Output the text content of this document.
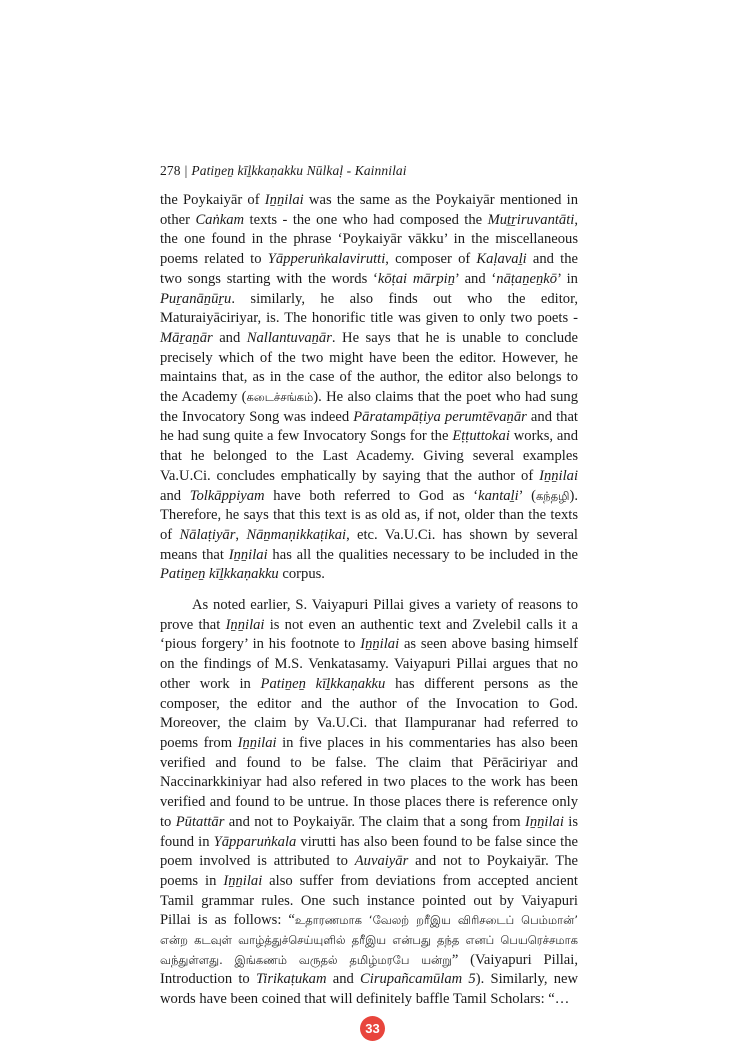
278 | Patiṉeṉ kīḻkkaṇakku Nūlkaḷ - Kainnilai

the Poykaiyār of Iṉṉilai was the same as the Poykaiyār mentioned in other Caṅkam texts - the one who had composed the Muṯṟiruvantāti, the one found in the phrase ‘Poykaiyār vākku’ in the miscellaneous poems related to Yāpperuṅkalavirutti, composer of Kaḷavaḻi and the two songs starting with the words ‘kōṭai mārpiṉ’ and ‘nāṭaṉeṉkō’ in Puṟanāṉūṟu. similarly, he also finds out who the editor, Maturaiyāciriyar, is. The honorific title was given to only two poets - Māṟaṉār and Nallantuvaṉār. He says that he is unable to conclude precisely which of the two might have been the editor. However, he maintains that, as in the case of the author, the editor also belongs to the Academy (கடைச்சங்கம்). He also claims that the poet who had sung the Invocatory Song was indeed Pāratampāṭiya perumtēvaṉār and that he had sung quite a few Invocatory Songs for the Eṭṭuttokai works, and that he belonged to the Last Academy. Giving several examples Va.U.Ci. concludes emphatically by saying that the author of Iṉṉilai and Tolkāppiyam have both referred to God as ‘kantaḻi’ (கந்தழி). Therefore, he says that this text is as old as, if not, older than the texts of Nālaṭiyār, Nāṉmaṇikkaṭikai, etc. Va.U.Ci. has shown by several means that Iṉṉilai has all the qualities necessary to be included in the Patiṉeṉ kīḻkkaṇakku corpus.

As noted earlier, S. Vaiyapuri Pillai gives a variety of reasons to prove that Iṉṉilai is not even an authentic text and Zvelebil calls it a ‘pious forgery’ in his footnote to Iṉṉilai as seen above basing himself on the findings of M.S. Venkatasamy. Vaiyapuri Pillai argues that no other work in Patiṉeṉ kīḻkkaṇakku has different persons as the composer, the editor and the author of the Invocation to God. Moreover, the claim by Va.U.Ci. that Ilampuranar had referred to poems from Iṉṉilai in five places in his commentaries has also been verified and found to be false. The claim that Pērāciriyar and Naccinarkkiniyar had also refered in two places to the work has been verified and found to be untrue. In those places there is reference only to Pūtattār and not to Poykaiyār. The claim that a song from Iṉṉilai is found in Yāpparuṅkala virutti has also been found to be false since the poem involved is attributed to Auvaiyār and not to Poykaiyār. The poems in Iṉṉilai also suffer from deviations from accepted ancient Tamil grammar rules. One such instance pointed out by Vaiyapuri Pillai is as follows: “உதாரணமாக ‘வேலற் றரீஇய விரிசடைப் பெம்மான்’ என்ற கடவுள் வாழ்த்துச்செய்யுளில் தரீஇய என்பது தந்த எனப் பெயரெச்சமாக வந்துள்ளது. இங்கணம் வருதல் தமிழ்மரபே யன்று” (Vaiyapuri Pillai, Introduction to Tirikaṭukam and Cirupañcamūlam 5). Similarly, new words have been coined that will definitely baffle Tamil Scholars: “…

33
